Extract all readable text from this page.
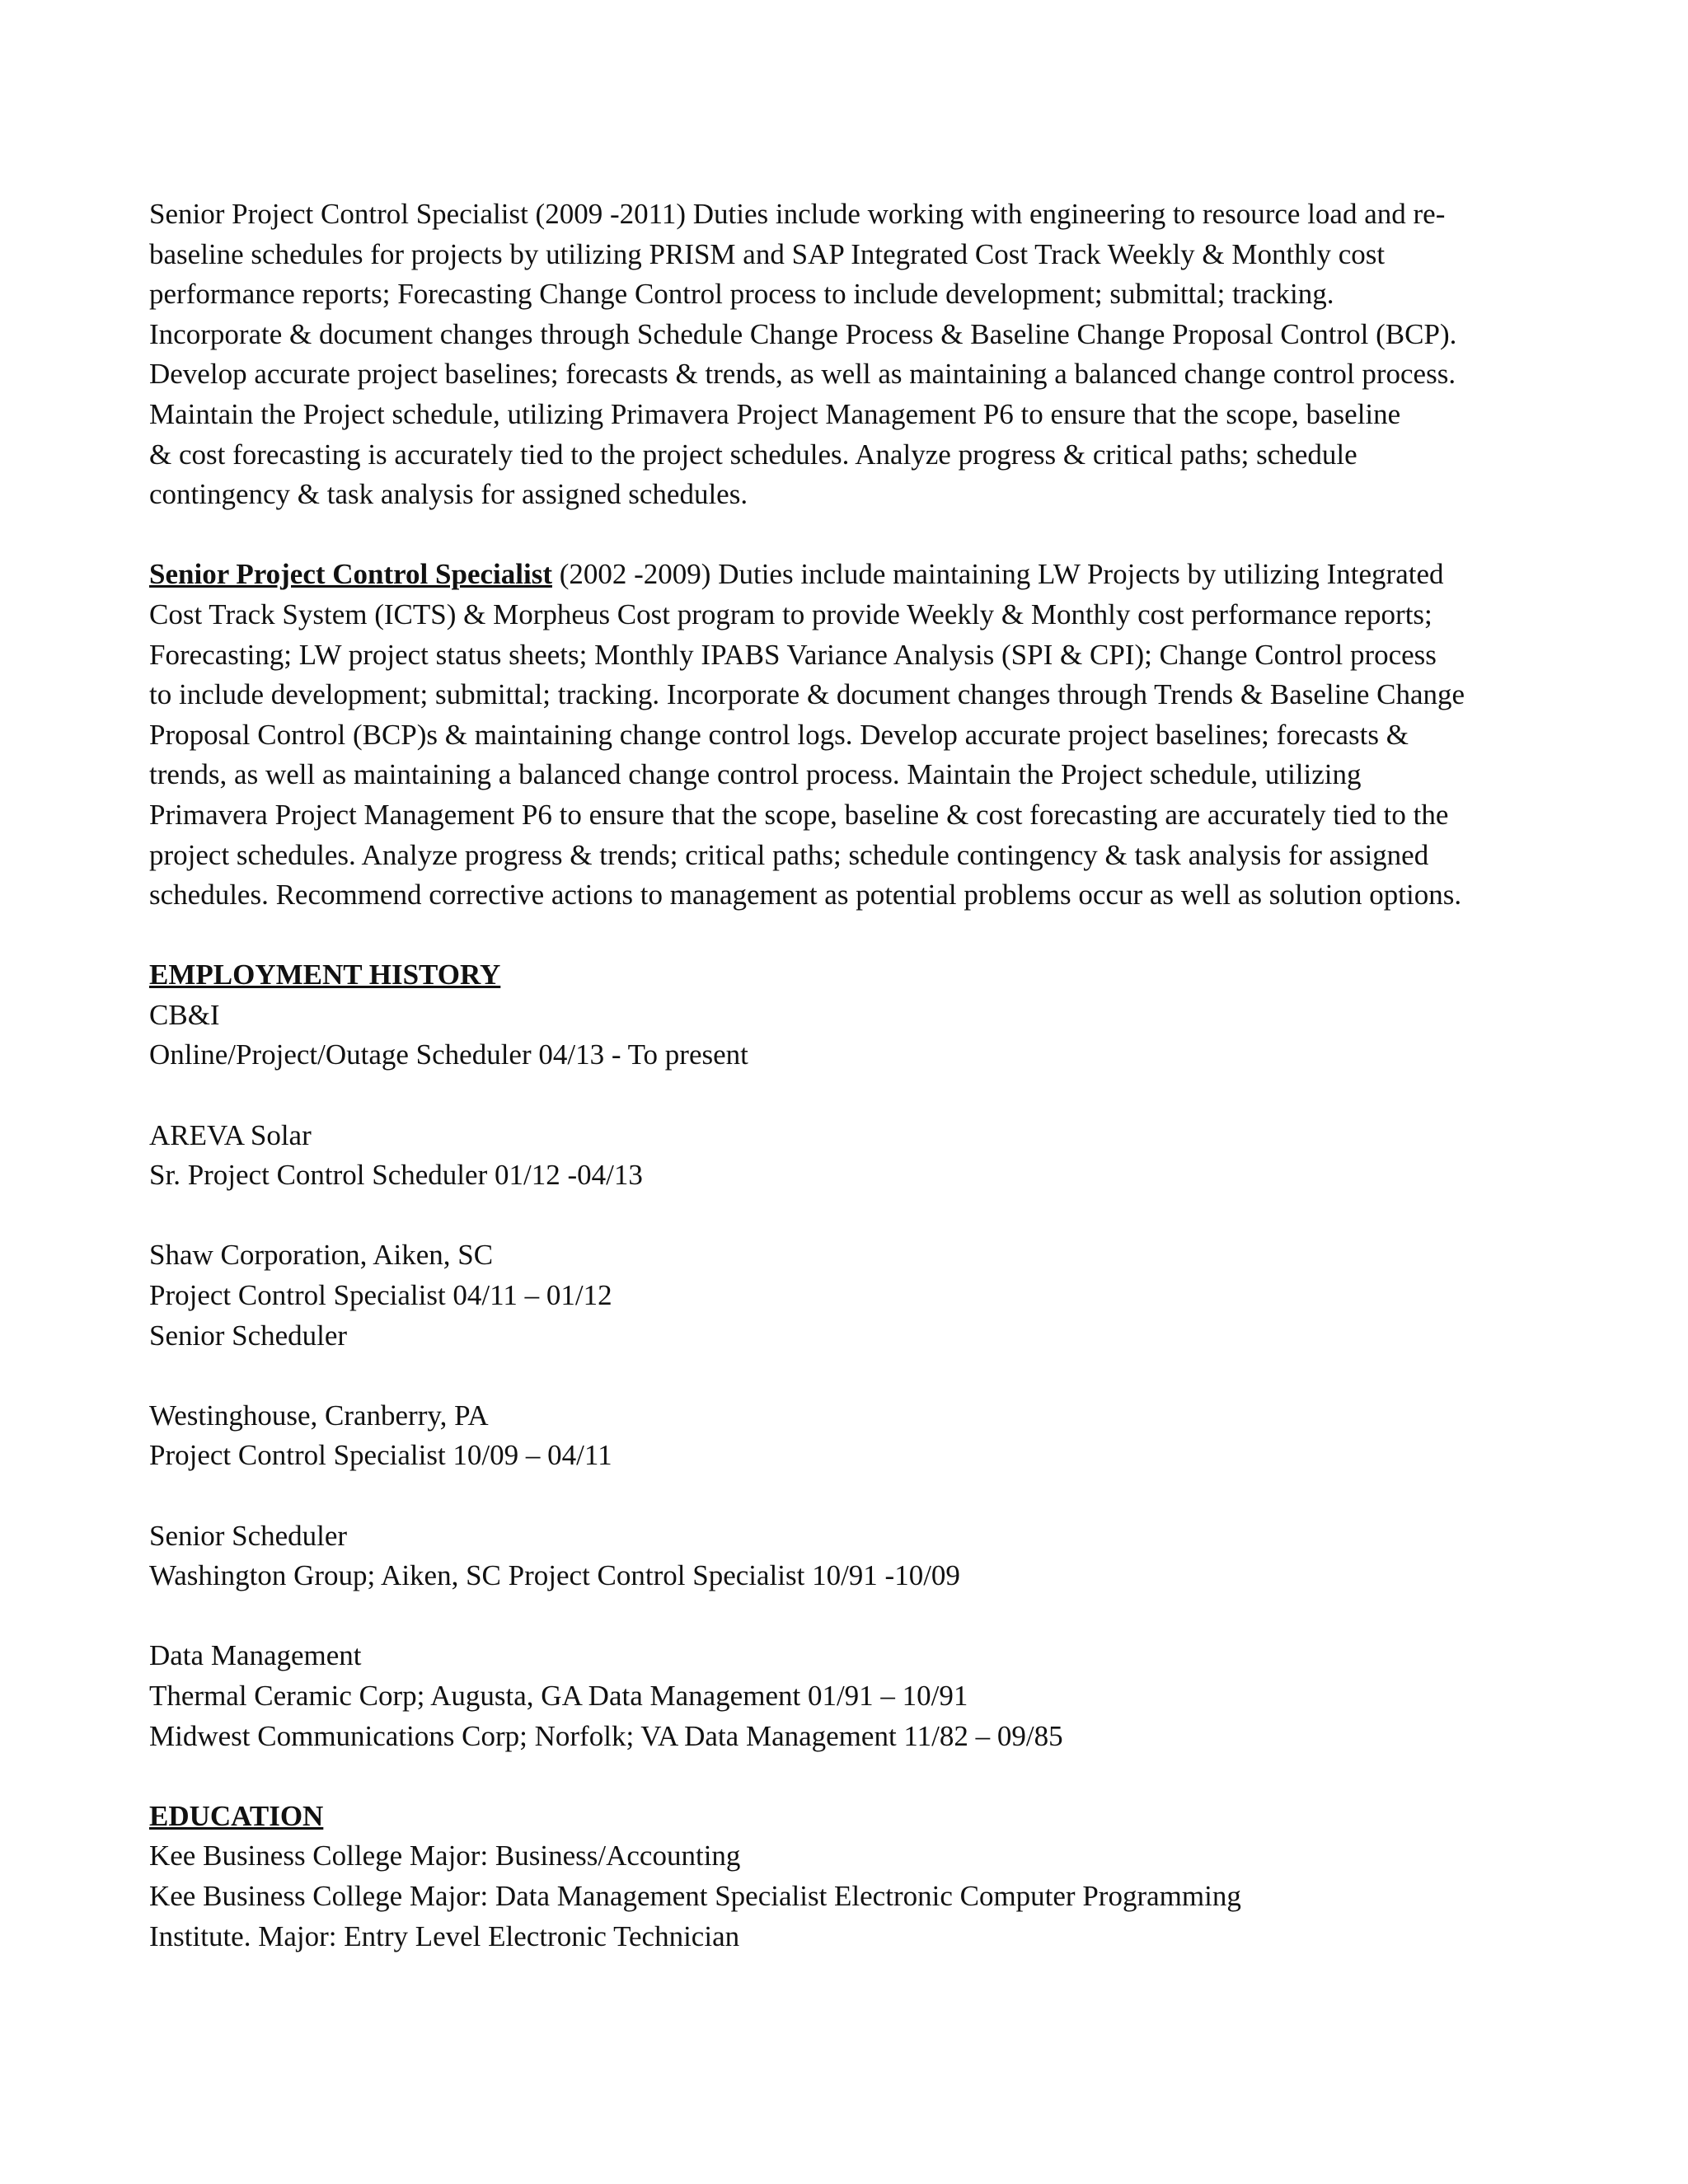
Senior Project Control Specialist (2009 -2011) Duties include working with engineering to resource load and re-
baseline schedules for projects by utilizing PRISM and SAP Integrated Cost Track Weekly & Monthly cost
performance reports; Forecasting Change Control process to include development; submittal; tracking.
Incorporate & document changes through Schedule Change Process & Baseline Change Proposal Control (BCP).
Develop accurate project baselines; forecasts & trends, as well as maintaining a balanced change control process.
Maintain the Project schedule, utilizing Primavera Project Management P6 to ensure that the scope, baseline
& cost forecasting is accurately tied to the project schedules. Analyze progress & critical paths; schedule
contingency & task analysis for assigned schedules.

Senior Project Control Specialist (2002 -2009) Duties include maintaining LW Projects by utilizing Integrated
Cost Track System (ICTS) & Morpheus Cost program to provide Weekly & Monthly cost performance reports;
Forecasting; LW project status sheets; Monthly IPABS Variance Analysis (SPI & CPI); Change Control process
to include development; submittal; tracking. Incorporate & document changes through Trends & Baseline Change
Proposal Control (BCP)s & maintaining change control logs. Develop accurate project baselines; forecasts &
trends, as well as maintaining a balanced change control process. Maintain the Project schedule, utilizing
Primavera Project Management P6 to ensure that the scope, baseline & cost forecasting are accurately tied to the
project schedules. Analyze progress & trends; critical paths; schedule contingency & task analysis for assigned
schedules. Recommend corrective actions to management as potential problems occur as well as solution options.

EMPLOYMENT HISTORY

CB&I

Online/Project/Outage Scheduler 04/13 - To present

AREVA Solar

Sr. Project Control Scheduler 01/12 -04/13

Shaw Corporation, Aiken, SC

Project Control Specialist 04/11 – 01/12

Senior Scheduler

Westinghouse, Cranberry, PA

Project Control Specialist 10/09 – 04/11

Senior Scheduler

Washington Group; Aiken, SC Project Control Specialist 10/91 -10/09

Data Management

Thermal Ceramic Corp; Augusta, GA Data Management 01/91 – 10/91

Midwest Communications Corp; Norfolk; VA Data Management 11/82 – 09/85

EDUCATION

Kee Business College Major: Business/Accounting

Kee Business College Major: Data Management Specialist Electronic Computer Programming

Institute. Major: Entry Level Electronic Technician
